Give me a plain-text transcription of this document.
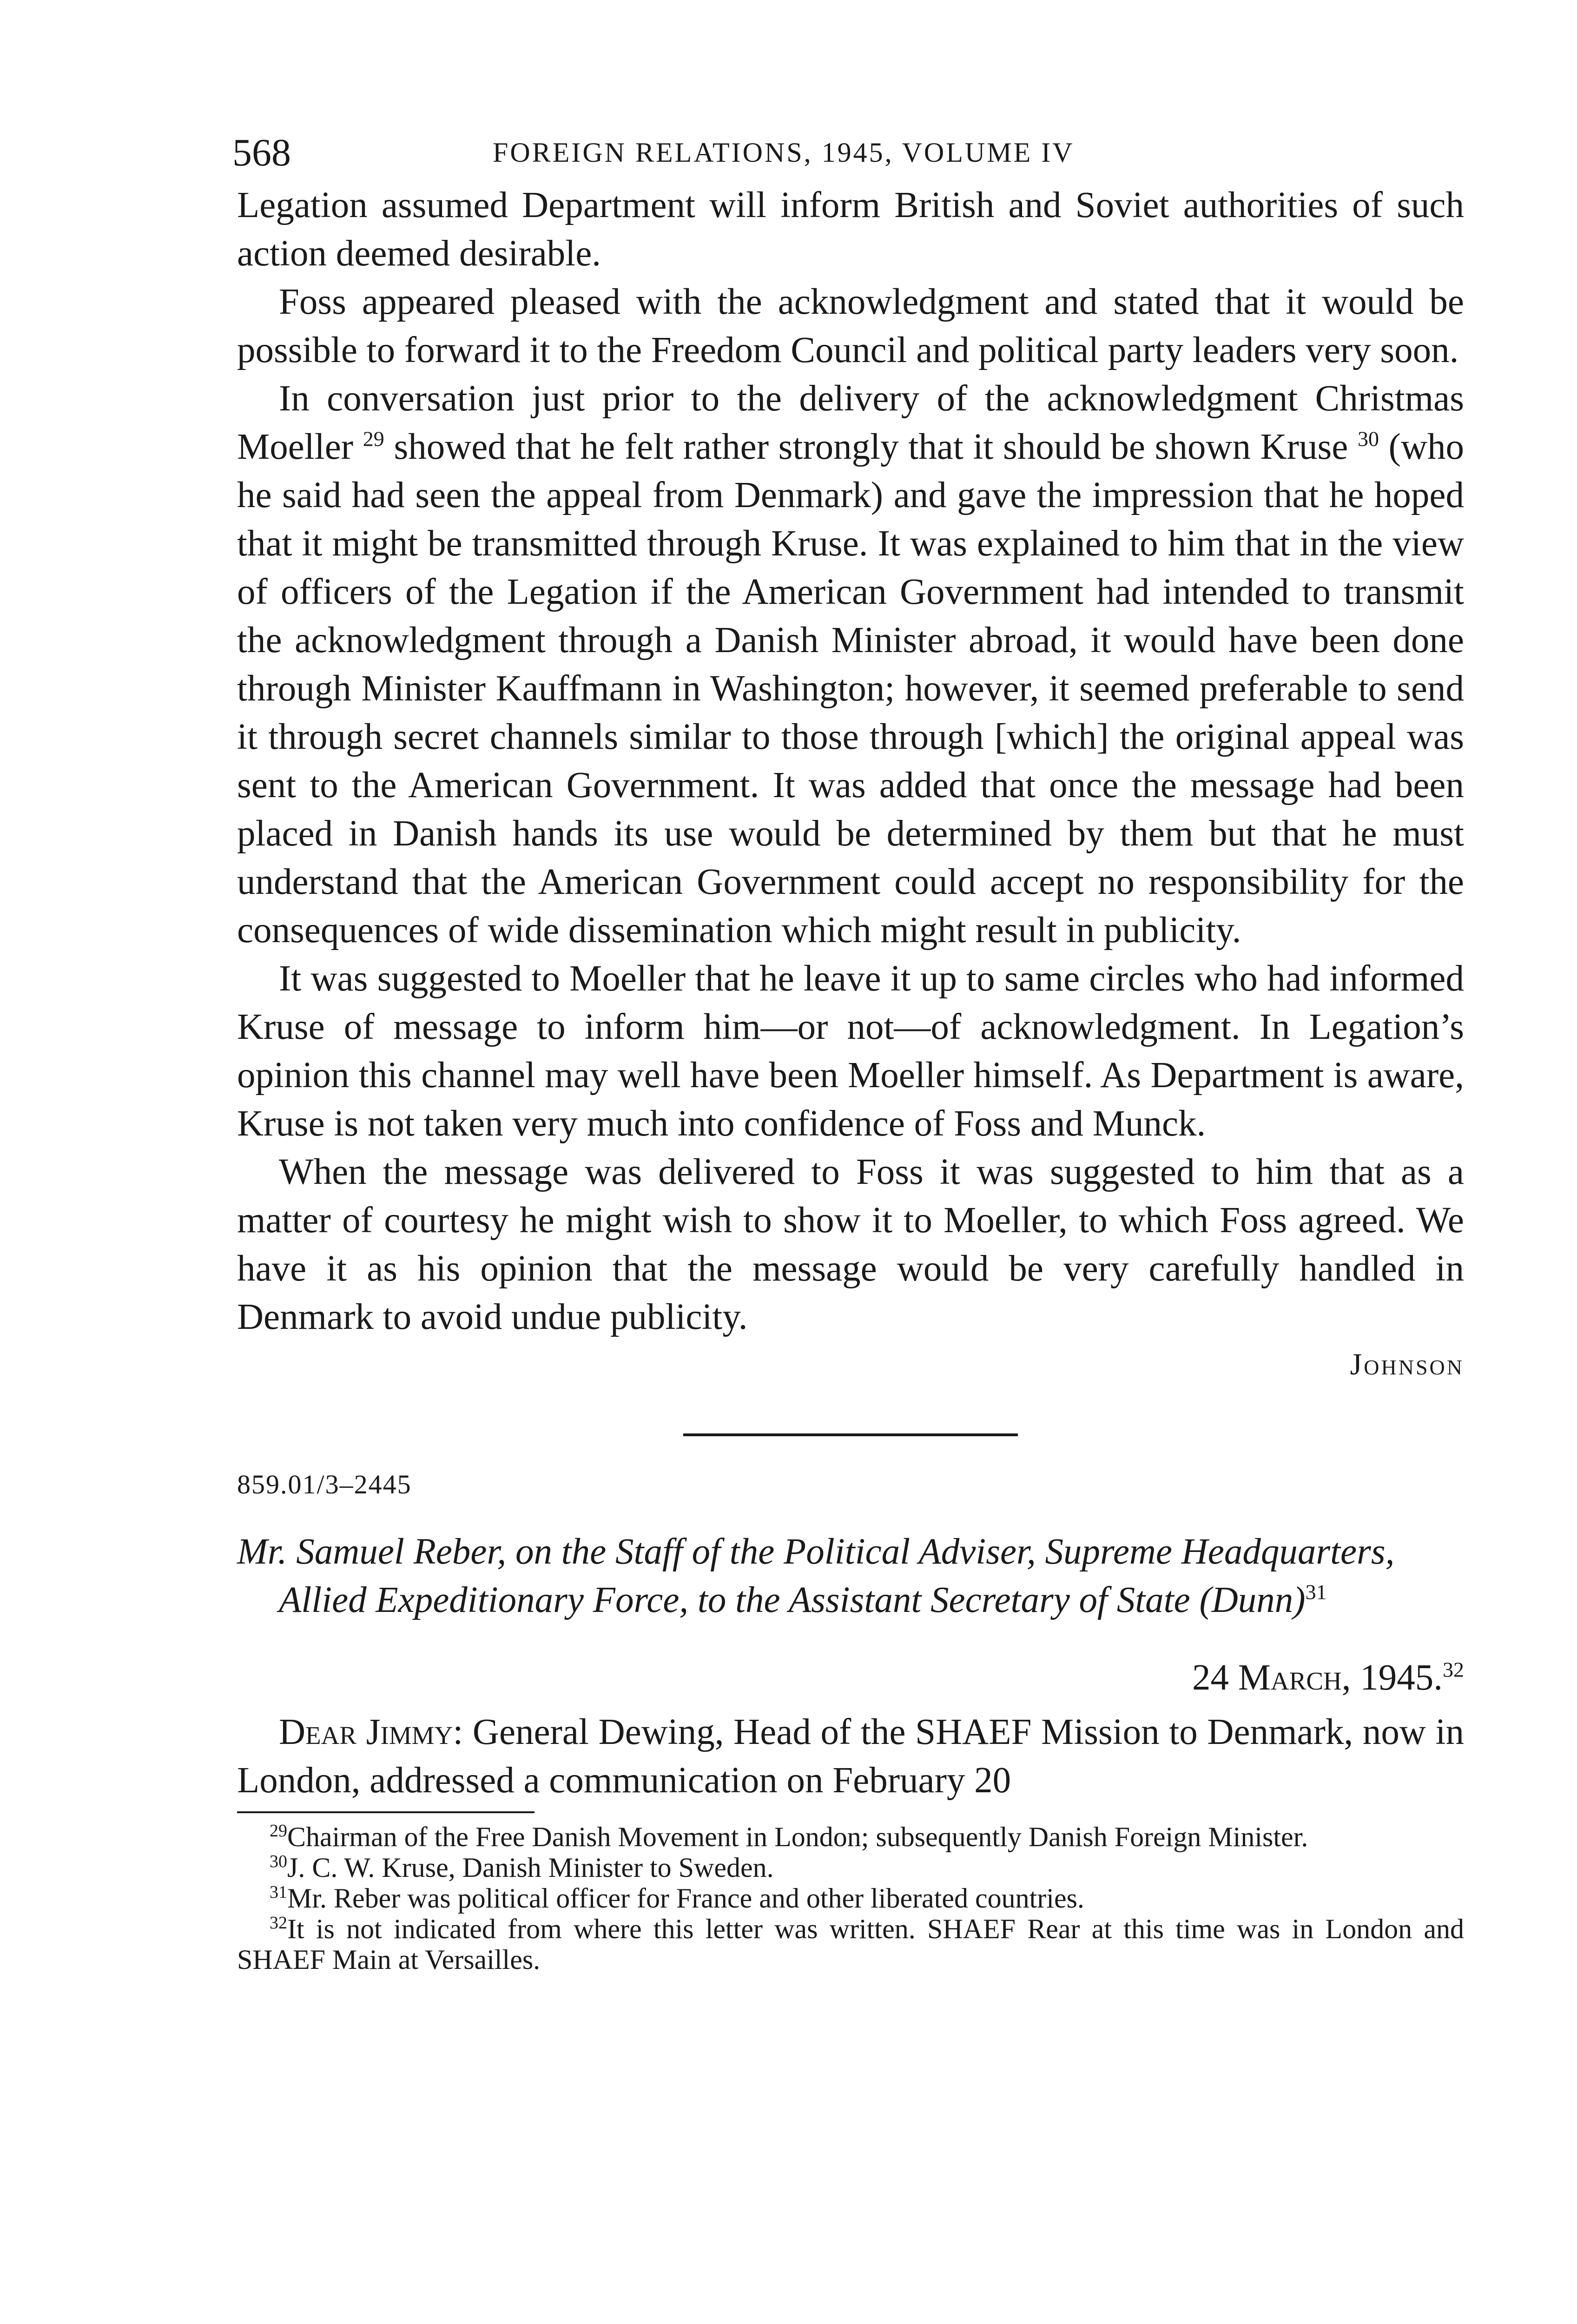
568	FOREIGN RELATIONS, 1945, VOLUME IV

Legation assumed Department will inform British and Soviet authorities of such action deemed desirable.

Foss appeared pleased with the acknowledgment and stated that it would be possible to forward it to the Freedom Council and political party leaders very soon.

In conversation just prior to the delivery of the acknowledgment Christmas Moeller $^{29}$ showed that he felt rather strongly that it should be shown Kruse $^{30}$ (who he said had seen the appeal from Denmark) and gave the impression that he hoped that it might be transmitted through Kruse. It was explained to him that in the view of officers of the Legation if the American Government had intended to transmit the acknowledgment through a Danish Minister abroad, it would have been done through Minister Kauffmann in Washington; however, it seemed preferable to send it through secret channels similar to those through [which] the original appeal was sent to the American Government. It was added that once the message had been placed in Danish hands its use would be determined by them but that he must understand that the American Government could accept no responsibility for the consequences of wide dissemination which might result in publicity.

It was suggested to Moeller that he leave it up to same circles who had informed Kruse of message to inform him—or not—of acknowledgment. In Legation’s opinion this channel may well have been Moeller himself. As Department is aware, Kruse is not taken very much into confidence of Foss and Munck.

When the message was delivered to Foss it was suggested to him that as a matter of courtesy he might wish to show it to Moeller, to which Foss agreed. We have it as his opinion that the message would be very carefully handled in Denmark to avoid undue publicity.

Johnson
859.01/3–2445
Mr. Samuel Reber, on the Staff of the Political Adviser, Supreme Headquarters, Allied Expeditionary Force, to the Assistant Secretary of State (Dunn)$^{31}$
24 March, 1945.32

Dear Jimmy: General Dewing, Head of the SHAEF Mission to Denmark, now in London, addressed a communication on February 20

$^{29}$Chairman of the Free Danish Movement in London; subsequently Danish Foreign Minister.

$^{30}$J. C. W. Kruse, Danish Minister to Sweden.

$^{31}$Mr. Reber was political officer for France and other liberated countries.

$^{32}$It is not indicated from where this letter was written. SHAEF Rear at this time was in London and SHAEF Main at Versailles.
